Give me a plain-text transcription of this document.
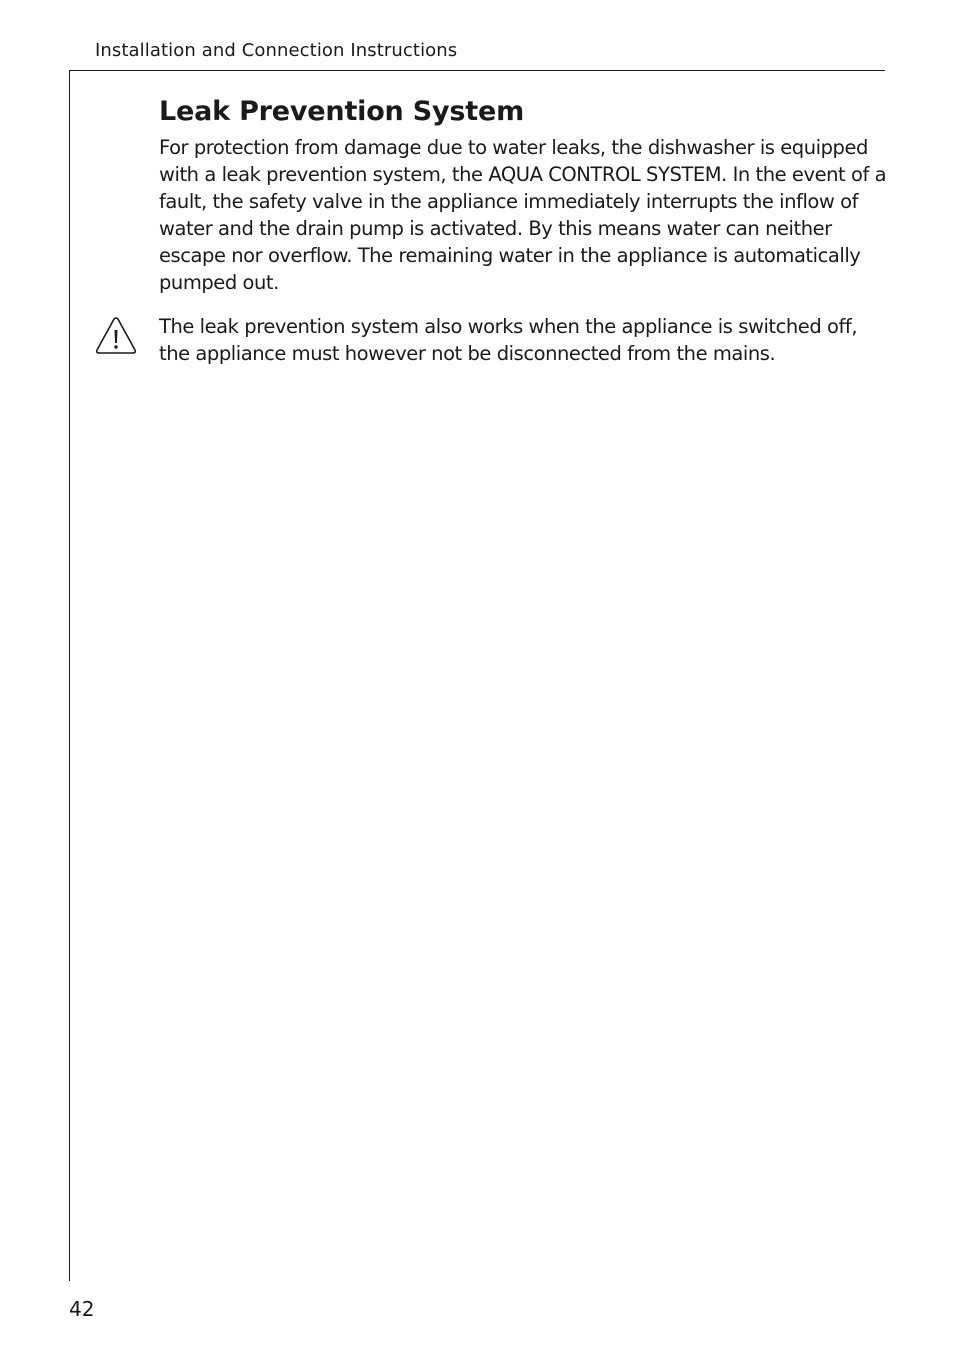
Installation and Connection Instructions
Leak Prevention System

For protection from damage due to water leaks, the dishwasher is equipped with a leak prevention system, the AQUA CONTROL SYSTEM. In the event of a fault, the safety valve in the appliance immediately interrupts the inflow of water and the drain pump is activated. By this means water can neither escape nor overflow. The remaining water in the appliance is automatically pumped out.

The leak prevention system also works when the appliance is switched off, the appliance must however not be disconnected from the mains.

42
